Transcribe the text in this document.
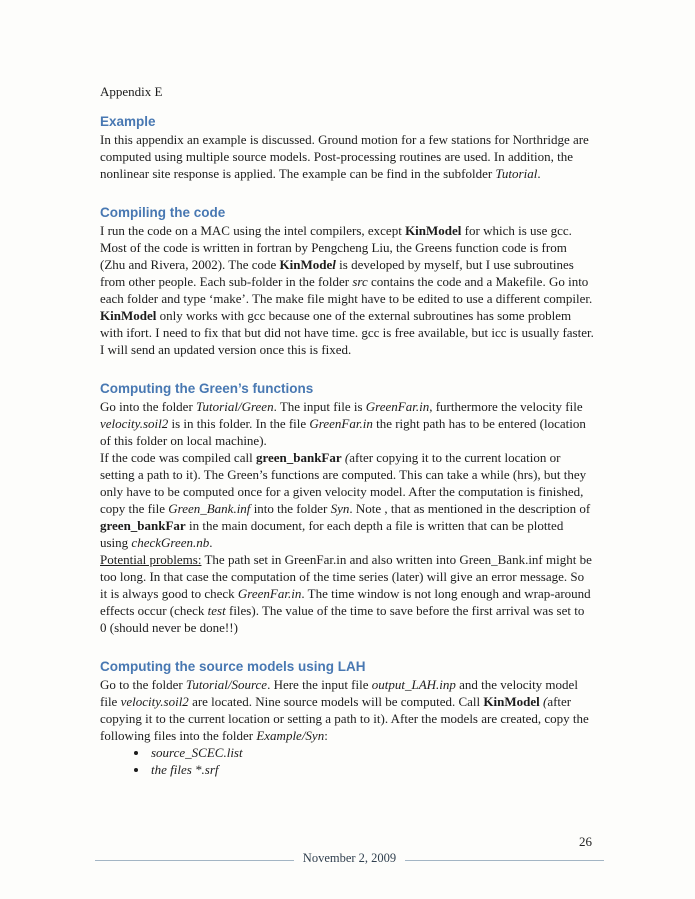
Appendix E
Example
In this appendix an example is discussed. Ground motion for a few stations for Northridge are computed using multiple source models. Post-processing routines are used. In addition, the nonlinear site response is applied. The example can be find in the subfolder Tutorial.
Compiling the code
I run the code on a MAC using the intel compilers, except KinModel for which is use gcc. Most of the code is written in fortran by Pengcheng Liu, the Greens function code is from (Zhu and Rivera, 2002). The code KinModel is developed by myself, but I use subroutines from other people. Each sub-folder in the folder src contains the code and a Makefile. Go into each folder and type ‘make’. The make file might have to be edited to use a different compiler. KinModel only works with gcc because one of the external subroutines has some problem with ifort. I need to fix that but did not have time. gcc is free available, but icc is usually faster. I will send an updated version once this is fixed.
Computing the Green’s functions
Go into the folder Tutorial/Green. The input file is GreenFar.in, furthermore the velocity file velocity.soil2 is in this folder. In the file GreenFar.in the right path has to be entered (location of this folder on local machine).
If the code was compiled call green_bankFar (after copying it to the current location or setting a path to it). The Green’s functions are computed. This can take a while (hrs), but they only have to be computed once for a given velocity model. After the computation is finished, copy the file Green_Bank.inf into the folder Syn. Note , that as mentioned in the description of green_bankFar in the main document, for each depth a file is written that can be plotted using checkGreen.nb.
Potential problems: The path set in GreenFar.in and also written into Green_Bank.inf might be too long. In that case the computation of the time series (later) will give an error message. So it is always good to check GreenFar.in. The time window is not long enough and wrap-around effects occur (check test files). The value of the time to save before the first arrival was set to 0 (should never be done!!)
Computing the source models using LAH
Go to the folder Tutorial/Source. Here the input file output_LAH.inp and the velocity model file velocity.soil2 are located. Nine source models will be computed. Call KinModel (after copying it to the current location or setting a path to it). After the models are created, copy the following files into the folder Example/Syn:
• source_SCEC.list
• the files *.srf
26
November 2, 2009
